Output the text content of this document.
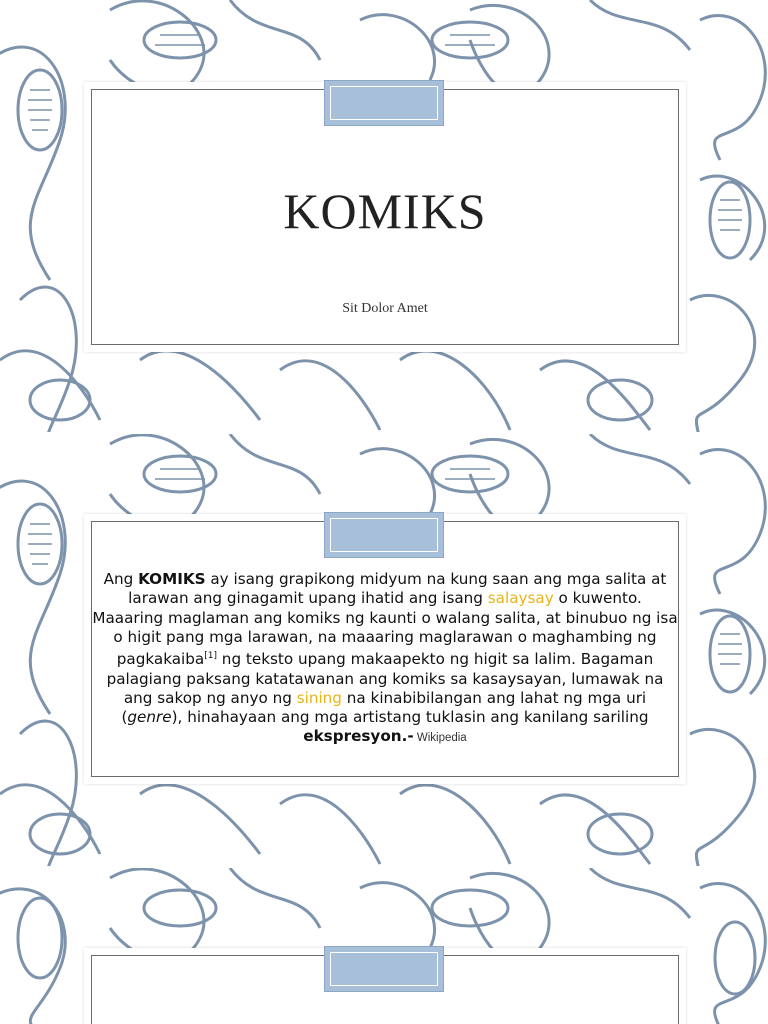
KOMIKS
Sit Dolor Amet
Ang KOMIKS ay isang grapikong midyum na kung saan ang mga salita at larawan ang ginagamit upang ihatid ang isang salaysay o kuwento. Maaaring maglaman ang komiks ng kaunti o walang salita, at binubuo ng isa o higit pang mga larawan, na maaaring maglarawan o maghambing ng pagkakaiba[1] ng teksto upang makaapekto ng higit sa lalim. Bagaman palagiang paksang katatawanan ang komiks sa kasaysayan, lumawak na ang sakop ng anyo ng sining na kinabibilangan ang lahat ng mga uri (genre), hinahayaan ang mga artistang tuklasin ang kanilang sariling ekspresyon.- Wikipedia
